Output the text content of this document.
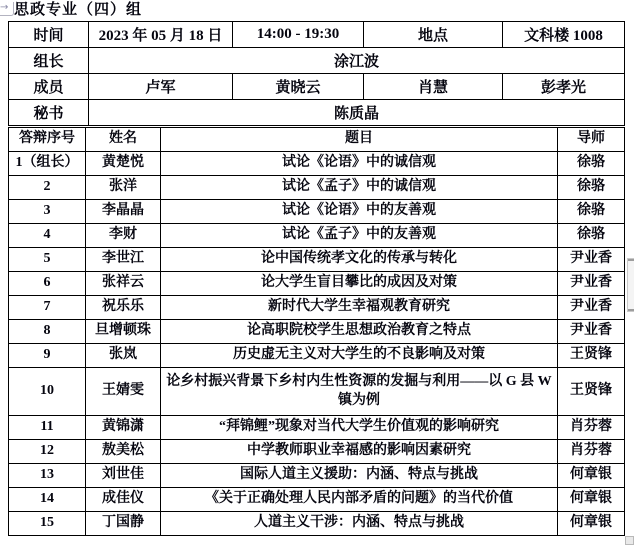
→ 思政专业（四）组
时间	2023 年 05 月 18 日	14:00 - 19:30	地点	文科楼 1008
组长	涂江波			
成员	卢军	黄晓云	肖慧	彭孝光
秘书	陈质晶			
答辩序号	姓名	题目	导师
1（组长）	黄楚悦	试论《论语》中的诚信观	徐骆
2	张洋	试论《孟子》中的诚信观	徐骆
3	李晶晶	试论《论语》中的友善观	徐骆
4	李财	试论《孟子》中的友善观	徐骆
5	李世江	论中国传统孝文化的传承与转化	尹业香
6	张祥云	论大学生盲目攀比的成因及对策	尹业香
7	祝乐乐	新时代大学生幸福观教育研究	尹业香
8	旦增顿珠	论高职院校学生思想政治教育之特点	尹业香
9	张岚	历史虚无主义对大学生的不良影响及对策	王贤锋
10	王婧雯	论乡村振兴背景下乡村内生性资源的发掘与利用——以 G 县 W 镇为例	王贤锋
11	黄锦潇	“拜锦鲤”现象对当代大学生价值观的影响研究	肖芬蓉
12	敖美松	中学教师职业幸福感的影响因素研究	肖芬蓉
13	刘世佳	国际人道主义援助：内涵、特点与挑战	何章银
14	成佳仪	《关于正确处理人民内部矛盾的问题》的当代价值	何章银
15	丁国静	人道主义干涉：内涵、特点与挑战	何章银
